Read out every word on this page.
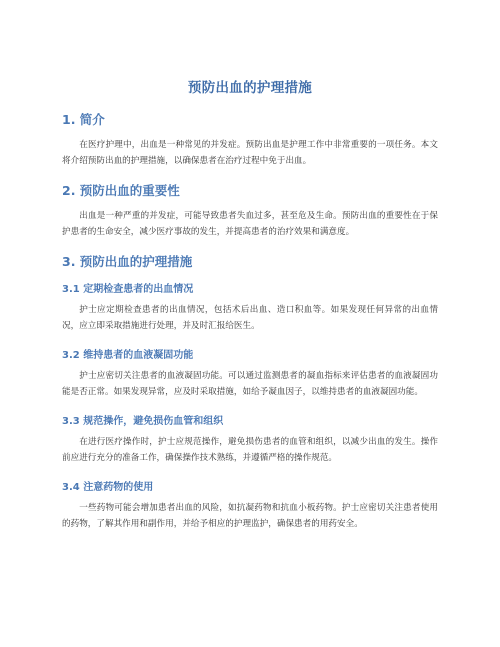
预防出血的护理措施
1. 简介

在医疗护理中，出血是一种常见的并发症。预防出血是护理工作中非常重要的一项任务。本文将介绍预防出血的护理措施，以确保患者在治疗过程中免于出血。

2. 预防出血的重要性

出血是一种严重的并发症，可能导致患者失血过多，甚至危及生命。预防出血的重要性在于保护患者的生命安全，减少医疗事故的发生，并提高患者的治疗效果和满意度。

3. 预防出血的护理措施
3.1 定期检查患者的出血情况

护士应定期检查患者的出血情况，包括术后出血、造口积血等。如果发现任何异常的出血情况，应立即采取措施进行处理，并及时汇报给医生。

3.2 维持患者的血液凝固功能

护士应密切关注患者的血液凝固功能。可以通过监测患者的凝血指标来评估患者的血液凝固功能是否正常。如果发现异常，应及时采取措施，如给予凝血因子，以维持患者的血液凝固功能。

3.3 规范操作，避免损伤血管和组织

在进行医疗操作时，护士应规范操作，避免损伤患者的血管和组织，以减少出血的发生。操作前应进行充分的准备工作，确保操作技术熟练，并遵循严格的操作规范。

3.4 注意药物的使用

一些药物可能会增加患者出血的风险，如抗凝药物和抗血小板药物。护士应密切关注患者使用的药物，了解其作用和副作用，并给予相应的护理监护，确保患者的用药安全。
